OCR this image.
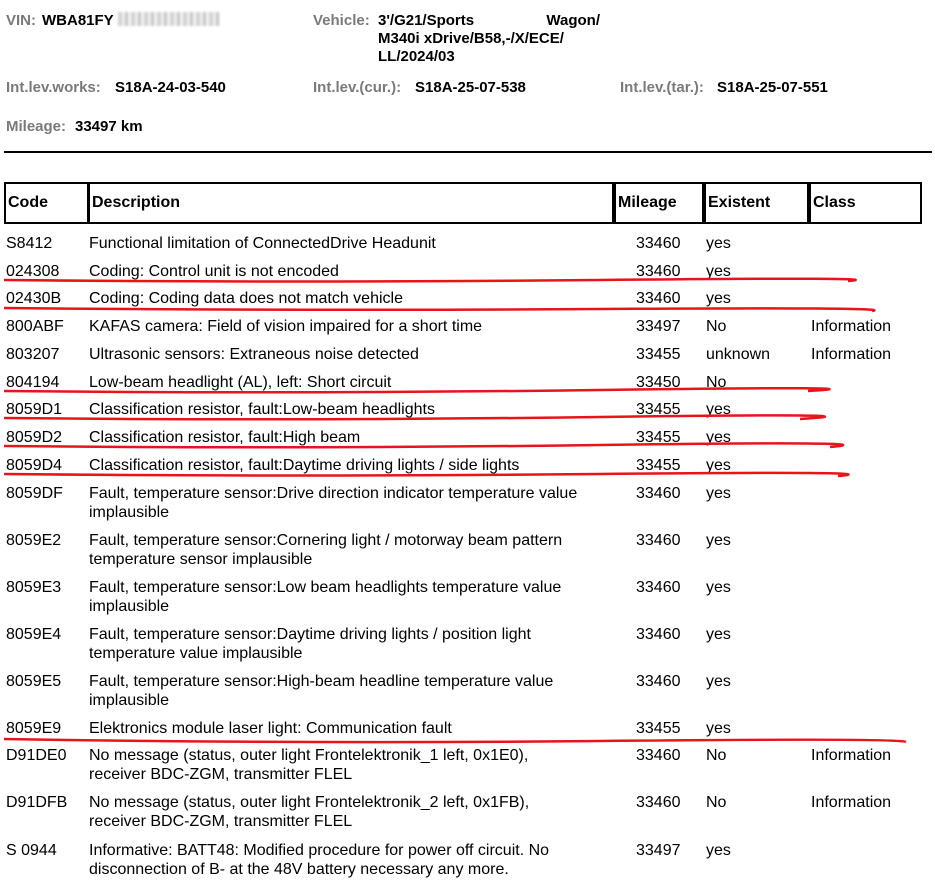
VIN: WBA81FY	Vehicle: 3'/G21/Sports	Wagon/
M340i xDrive/B58,-/X/ECE/
LL/2024/03
Int.lev.works: S18A-24-03-540	Int.lev.(cur.): S18A-25-07-538	Int.lev.(tar.): S18A-25-07-551
Mileage: 33497 km
Code	Description	Mileage	Existent	Class
S8412 Functional limitation of ConnectedDrive Headunit	33460 yes
024308 Coding: Control unit is not encoded	33460 yes
02430B Coding: Coding data does not match vehicle	33460 yes
800ABF KAFAS camera: Field of vision impaired for a short time	33497 No	Information
803207 Ultrasonic sensors: Extraneous noise detected	33455 unknown	Information
804194 Low-beam headlight (AL), left: Short circuit	33450 No
8059D1 Classification resistor, fault:Low-beam headlights	33455 yes
8059D2 Classification resistor, fault:High beam	33455 yes
8059D4 Classification resistor, fault:Daytime driving lights / side lights	33455 yes
8059DF Fault, temperature sensor:Drive direction indicator temperature value
implausible
33460 yes
8059E2 Fault, temperature sensor:Cornering light / motorway beam pattern
temperature sensor implausible
33460 yes
8059E3 Fault, temperature sensor:Low beam headlights temperature value
implausible
33460 yes
8059E4 Fault, temperature sensor:Daytime driving lights / position light
temperature value implausible
33460 yes
8059E5 Fault, temperature sensor:High-beam headline temperature value
implausible
33460 yes
8059E9 Elektronics module laser light: Communication fault	33455 yes
D91DE0 No message (status, outer light Frontelektronik_1 left, 0x1E0),
receiver BDC-ZGM, transmitter FLEL
33460 No	Information
D91DFB No message (status, outer light Frontelektronik_2 left, 0x1FB),
receiver BDC-ZGM, transmitter FLEL
33460 No	Information
S 0944 Informative: BATT48: Modified procedure for power off circuit. No
disconnection of B- at the 48V battery necessary any more.
33497 yes
